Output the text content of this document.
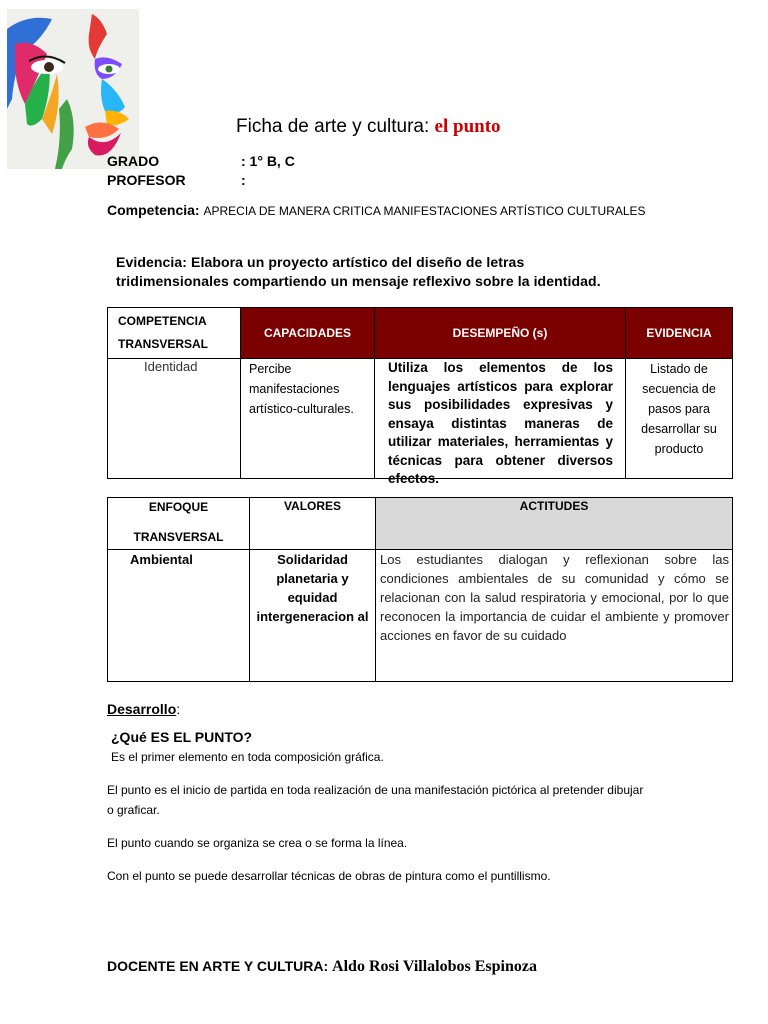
Ficha de arte y cultura: el punto
GRADO	: 1° B, C
PROFESOR	:
Competencia: APRECIA DE MANERA CRITICA MANIFESTACIONES ARTÍSTICO CULTURALES
Evidencia: Elabora un proyecto artístico del diseño de letras
tridimensionales compartiendo un mensaje reflexivo sobre la identidad.
COMPETENCIA
TRANSVERSAL	CAPACIDADES	DESEMPEÑO (s)	EVIDENCIA
Identidad	Percibe manifestaciones artístico-culturales.	Utiliza los elementos de los lenguajes artísticos para explorar sus posibilidades expresivas y ensaya distintas maneras de utilizar materiales, herramientas y técnicas para obtener diversos efectos.	Listado de secuencia de pasos para desarrollar su producto
ENFOQUE
TRANSVERSAL	VALORES	ACTITUDES
Ambiental	Solidaridad planetaria y equidad intergeneracion al	Los estudiantes dialogan y reflexionan sobre las condiciones ambientales de su comunidad y cómo se relacionan con la salud respiratoria y emocional, por lo que reconocen la importancia de cuidar el ambiente y promover acciones en favor de su cuidado
Desarrollo:
¿Qué ES EL PUNTO?
Es el primer elemento en toda composición gráfica.
El punto es el inicio de partida en toda realización de una manifestación pictórica al pretender dibujar o graficar.
El punto cuando se organiza se crea o se forma la línea.
Con el punto se puede desarrollar técnicas de obras de pintura como el puntillismo.
DOCENTE EN ARTE Y CULTURA: Aldo Rosi Villalobos Espinoza
